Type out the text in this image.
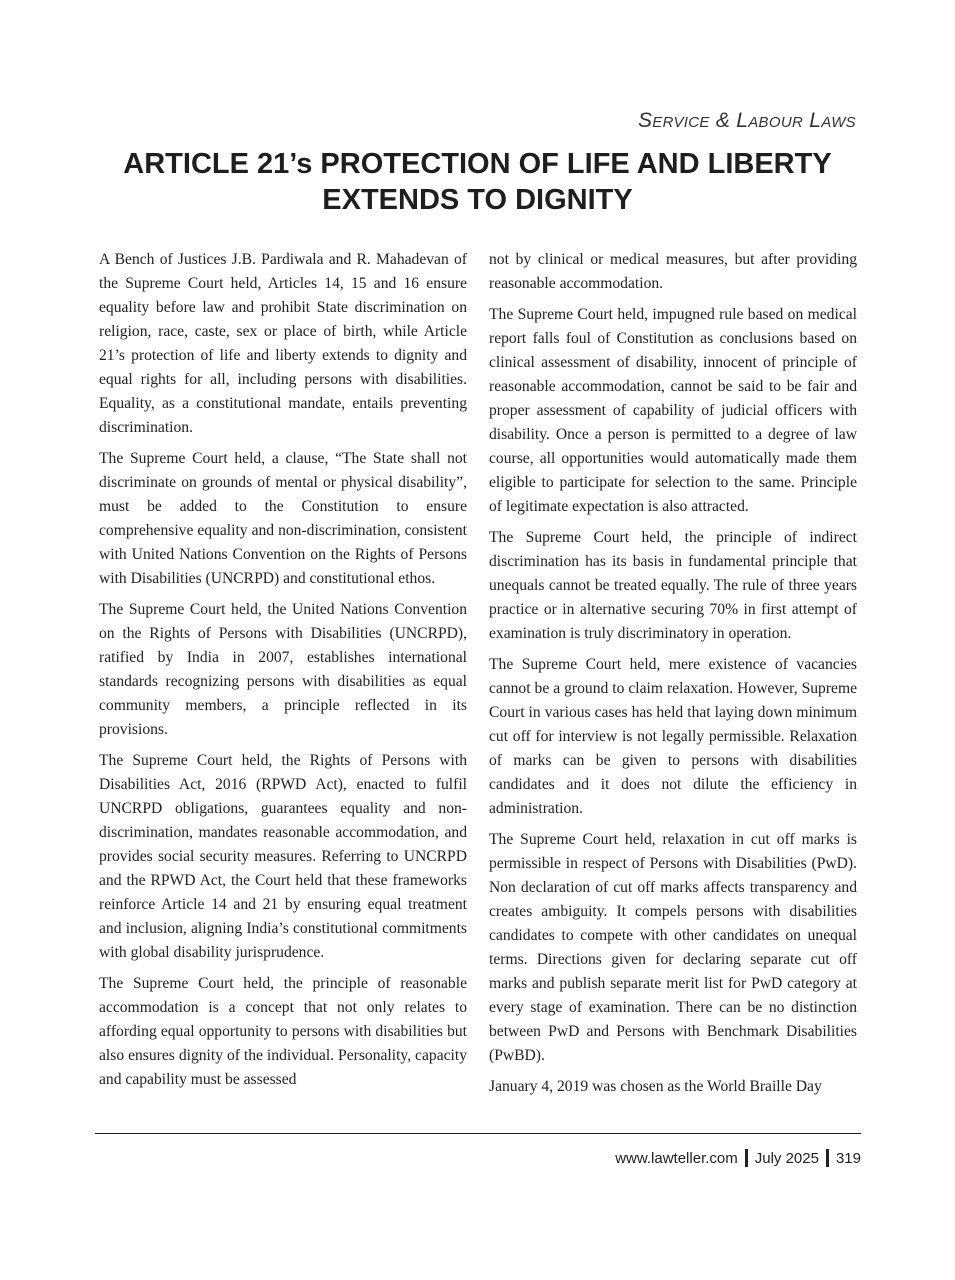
Service & Labour Laws
ARTICLE 21’s PROTECTION OF LIFE AND LIBERTY
EXTENDS TO DIGNITY

A Bench of Justices J.B. Pardiwala and R. Mahadevan of the Supreme Court held, Articles 14, 15 and 16 ensure equality before law and prohibit State discrimination on religion, race, caste, sex or place of birth, while Article 21’s protection of life and liberty extends to dignity and equal rights for all, including persons with disabilities. Equality, as a constitutional mandate, entails preventing discrimination.

The Supreme Court held, a clause, “The State shall not discriminate on grounds of mental or physical disability”, must be added to the Constitution to ensure comprehensive equality and non-discrimination, consistent with United Nations Convention on the Rights of Persons with Disabilities (UNCRPD) and constitutional ethos.

The Supreme Court held, the United Nations Convention on the Rights of Persons with Disabilities (UNCRPD), ratified by India in 2007, establishes international standards recognizing persons with disabilities as equal community members, a principle reflected in its provisions.

The Supreme Court held, the Rights of Persons with Disabilities Act, 2016 (RPWD Act), enacted to fulfil UNCRPD obligations, guarantees equality and non-discrimination, mandates reasonable accommodation, and provides social security measures. Referring to UNCRPD and the RPWD Act, the Court held that these frameworks reinforce Article 14 and 21 by ensuring equal treatment and inclusion, aligning India’s constitutional commitments with global disability jurisprudence.

The Supreme Court held, the principle of reasonable accommodation is a concept that not only relates to affording equal opportunity to persons with disabilities but also ensures dignity of the individual. Personality, capacity and capability must be assessed

not by clinical or medical measures, but after providing reasonable accommodation.

The Supreme Court held, impugned rule based on medical report falls foul of Constitution as conclusions based on clinical assessment of disability, innocent of principle of reasonable accommodation, cannot be said to be fair and proper assessment of capability of judicial officers with disability. Once a person is permitted to a degree of law course, all opportunities would automatically made them eligible to participate for selection to the same. Principle of legitimate expectation is also attracted.

The Supreme Court held, the principle of indirect discrimination has its basis in fundamental principle that unequals cannot be treated equally. The rule of three years practice or in alternative securing 70% in first attempt of examination is truly discriminatory in operation.

The Supreme Court held, mere existence of vacancies cannot be a ground to claim relaxation. However, Supreme Court in various cases has held that laying down minimum cut off for interview is not legally permissible. Relaxation of marks can be given to persons with disabilities candidates and it does not dilute the efficiency in administration.

The Supreme Court held, relaxation in cut off marks is permissible in respect of Persons with Disabilities (PwD). Non declaration of cut off marks affects transparency and creates ambiguity. It compels persons with disabilities candidates to compete with other candidates on unequal terms. Directions given for declaring separate cut off marks and publish separate merit list for PwD category at every stage of examination. There can be no distinction between PwD and Persons with Benchmark Disabilities (PwBD).

January 4, 2019 was chosen as the World Braille Day

www.lawteller.com July 2025 319
